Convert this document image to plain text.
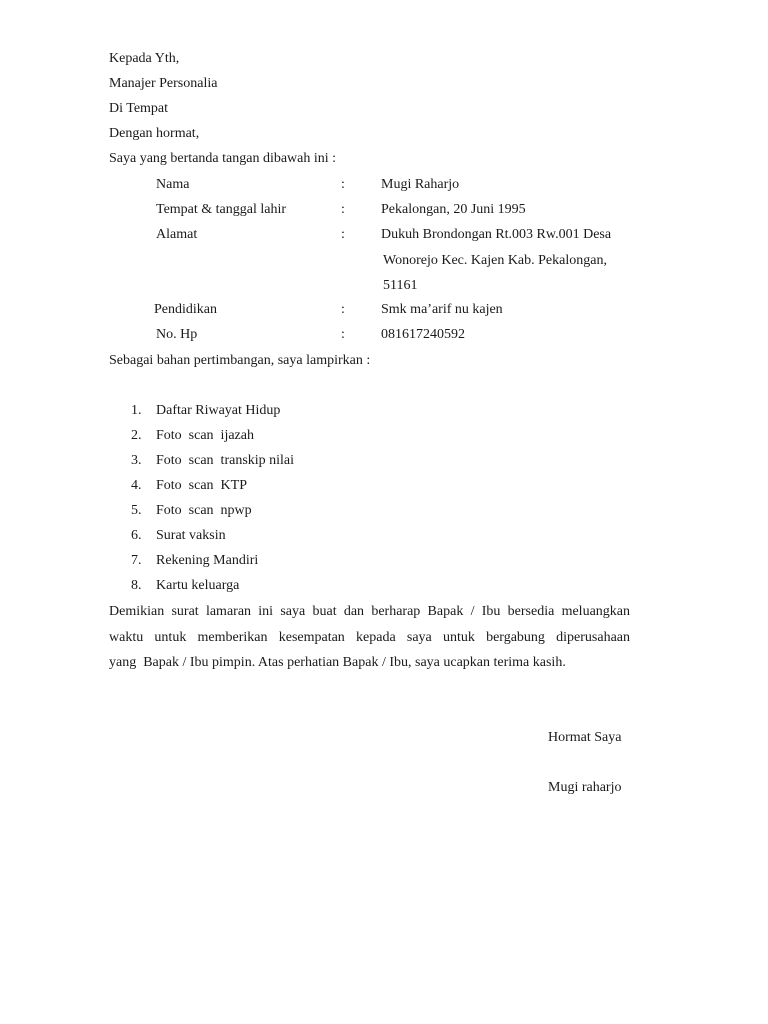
Kepada Yth,
Manajer Personalia
Di Tempat
Dengan hormat,
Saya yang bertanda tangan dibawah ini :
Nama	:	Mugi Raharjo
Tempat & tanggal lahir	:	Pekalongan, 20 Juni 1995
Alamat	:	Dukuh Brondongan Rt.003 Rw.001 Desa
Wonorejo Kec. Kajen Kab. Pekalongan,
51161
Pendidikan	:	Smk ma’arif nu kajen
No. Hp	:	081617240592
Sebagai bahan pertimbangan, saya lampirkan :
1. Daftar Riwayat Hidup
2. Foto  scan  ijazah
3. Foto  scan  transkip nilai
4. Foto  scan  KTP
5. Foto  scan  npwp
6. Surat vaksin
7. Rekening Mandiri
8. Kartu keluarga
Demikian surat lamaran ini saya buat dan berharap Bapak / Ibu bersedia meluangkan
waktu untuk memberikan kesempatan kepada saya untuk bergabung diperusahaan
yang  Bapak / Ibu pimpin. Atas perhatian Bapak / Ibu, saya ucapkan terima kasih.
Hormat Saya
Mugi raharjo
